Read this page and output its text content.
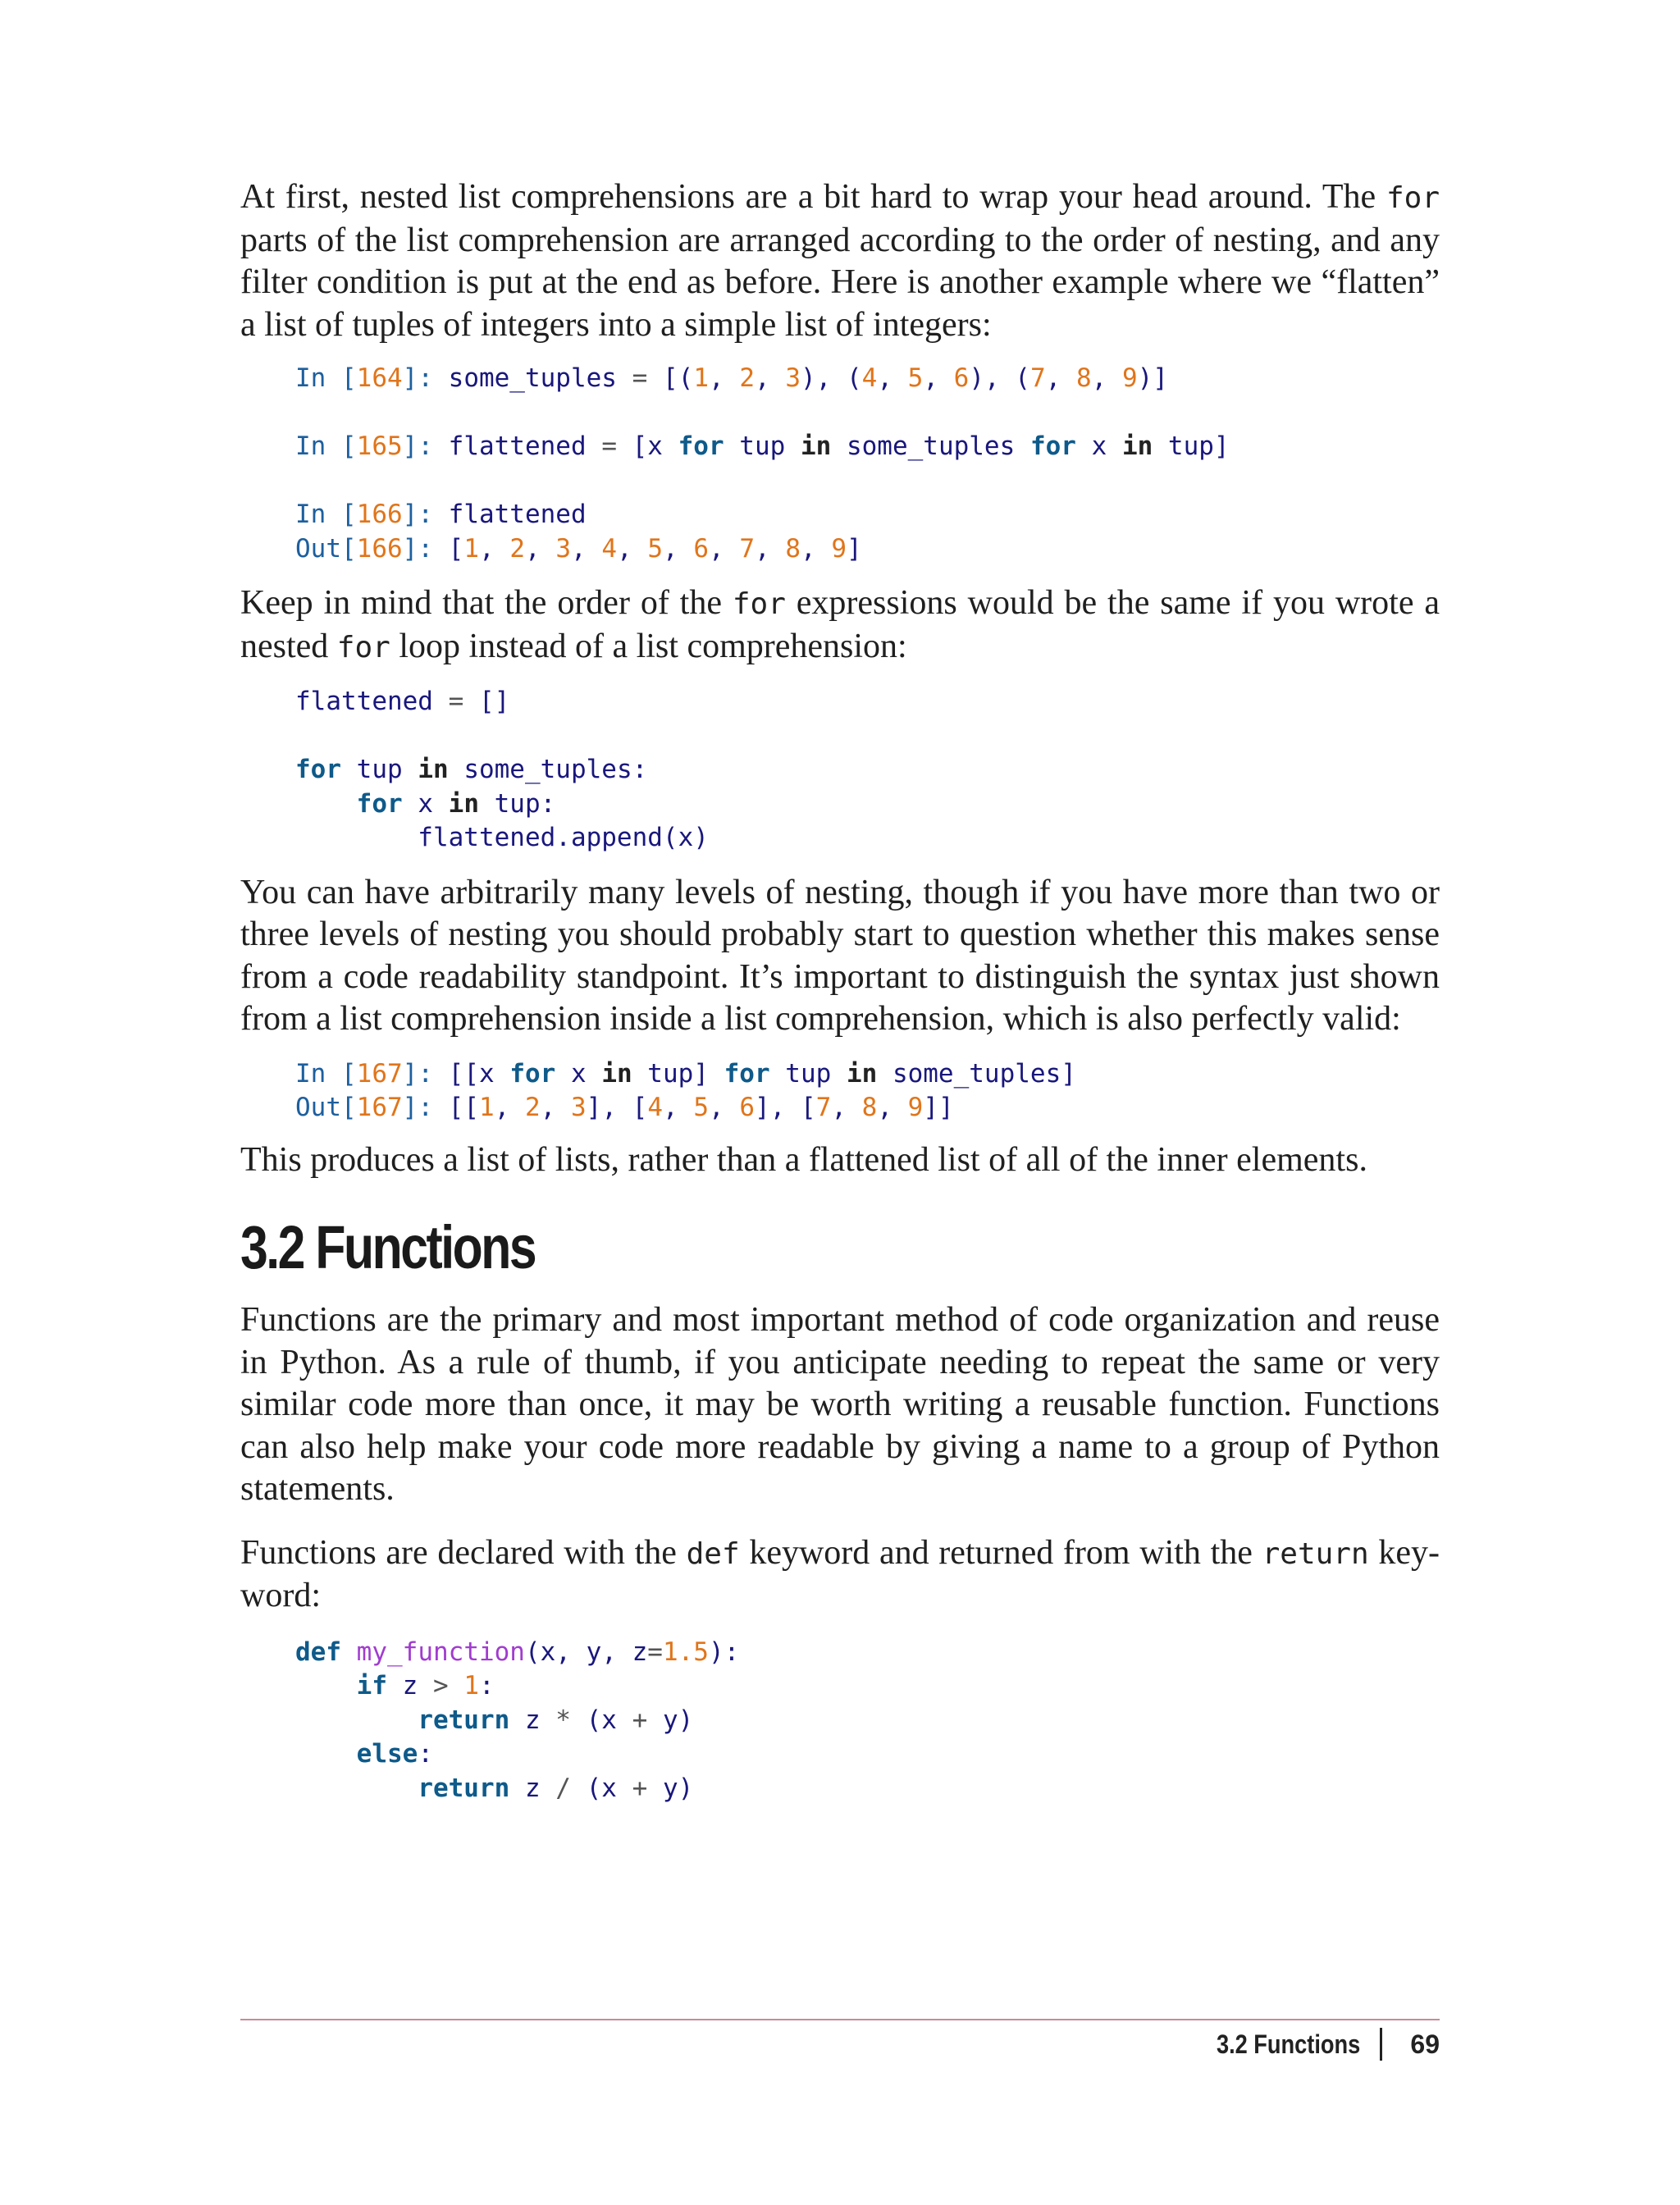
At first, nested list comprehensions are a bit hard to wrap your head around. The for parts of the list comprehension are arranged according to the order of nesting, and any filter condition is put at the end as before. Here is another example where we “flatten” a list of tuples of integers into a simple list of integers:

In [164]: some_tuples = [(1, 2, 3), (4, 5, 6), (7, 8, 9)]

In [165]: flattened = [x for tup in some_tuples for x in tup]

In [166]: flattened
Out[166]: [1, 2, 3, 4, 5, 6, 7, 8, 9]

Keep in mind that the order of the for expressions would be the same if you wrote a nested for loop instead of a list comprehension:

flattened = []

for tup in some_tuples:
for x in tup:
flattened.append(x)

You can have arbitrarily many levels of nesting, though if you have more than two or three levels of nesting you should probably start to question whether this makes sense from a code readability standpoint. It’s important to distinguish the syntax just shown from a list comprehension inside a list comprehension, which is also perfectly valid:

In [167]: [[x for x in tup] for tup in some_tuples]
Out[167]: [[1, 2, 3], [4, 5, 6], [7, 8, 9]]

This produces a list of lists, rather than a flattened list of all of the inner elements.

3.2 Functions

Functions are the primary and most important method of code organization and reuse in Python. As a rule of thumb, if you anticipate needing to repeat the same or very similar code more than once, it may be worth writing a reusable function. Functions can also help make your code more readable by giving a name to a group of Python statements.

Functions are declared with the def keyword and returned from with the return keyword:

def my_function(x, y, z=1.5):
if z > 1:
return z * (x + y)
else:
return z / (x + y)
3.2 Functions 69
